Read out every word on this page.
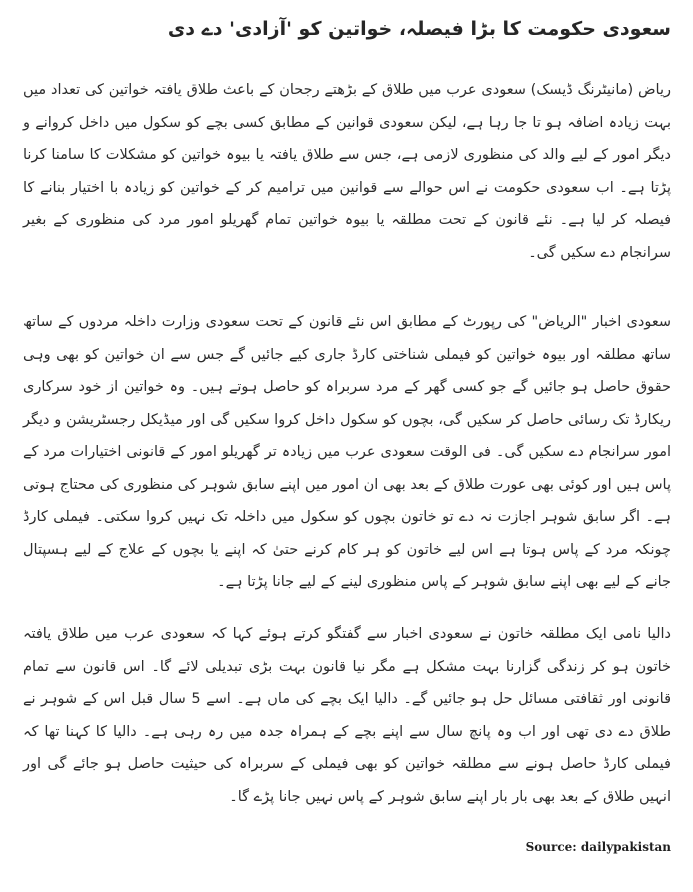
سعودی حکومت کا بڑا فیصلہ، خواتین کو 'آزادی' دے دی
ریاض (مانیٹرنگ ڈیسک) سعودی عرب میں طلاق کے بڑھتے رجحان کے باعث طلاق یافتہ خواتین کی تعداد میں بہت زیادہ اضافہ ہو تا جا رہا ہے، لیکن سعودی قوانین کے مطابق کسی بچے کو سکول میں داخل کروانے و دیگر امور کے لیے والد کی منظوری لازمی ہے، جس سے طلاق یافتہ یا بیوہ خواتین کو مشکلات کا سامنا کرنا پڑتا ہے۔ اب سعودی حکومت نے اس حوالے سے قوانین میں ترامیم کر کے خواتین کو زیادہ با اختیار بنانے کا فیصلہ کر لیا ہے۔ نئے قانون کے تحت مطلقہ یا بیوہ خواتین تمام گھریلو امور مرد کی منظوری کے بغیر سرانجام دے سکیں گی۔
سعودی اخبار "الریاض" کی رپورٹ کے مطابق اس نئے قانون کے تحت سعودی وزارت داخلہ مردوں کے ساتھ ساتھ مطلقہ اور بیوہ خواتین کو فیملی شناختی کارڈ جاری کیے جائیں گے جس سے ان خواتین کو بھی وہی حقوق حاصل ہو جائیں گے جو کسی گھر کے مرد سربراہ کو حاصل ہوتے ہیں۔ وہ خواتین از خود سرکاری ریکارڈ تک رسائی حاصل کر سکیں گی، بچوں کو سکول داخل کروا سکیں گی اور میڈیکل رجسٹریشن و دیگر امور سرانجام دے سکیں گی۔ فی الوقت سعودی عرب میں زیادہ تر گھریلو امور کے قانونی اختیارات مرد کے پاس ہیں اور کوئی بھی عورت طلاق کے بعد بھی ان امور میں اپنے سابق شوہر کی منظوری کی محتاج ہوتی ہے۔ اگر سابق شوہر اجازت نہ دے تو خاتون بچوں کو سکول میں داخلہ تک نہیں کروا سکتی۔ فیملی کارڈ چونکہ مرد کے پاس ہوتا ہے اس لیے خاتون کو ہر کام کرنے حتیٰ کہ اپنے یا بچوں کے علاج کے لیے ہسپتال جانے کے لیے بھی اپنے سابق شوہر کے پاس منظوری لینے کے لیے جانا پڑتا ہے۔
دالیا نامی ایک مطلقہ خاتون نے سعودی اخبار سے گفتگو کرتے ہوئے کہا کہ سعودی عرب میں طلاق یافتہ خاتون ہو کر زندگی گزارنا بہت مشکل ہے مگر نیا قانون بہت بڑی تبدیلی لائے گا۔ اس قانون سے تمام قانونی اور ثقافتی مسائل حل ہو جائیں گے۔ دالیا ایک بچے کی ماں ہے۔ اسے 5 سال قبل اس کے شوہر نے طلاق دے دی تھی اور اب وہ پانچ سال سے اپنے بچے کے ہمراہ جدہ میں رہ رہی ہے۔ دالیا کا کہنا تھا کہ فیملی کارڈ حاصل ہونے سے مطلقہ خواتین کو بھی فیملی کے سربراہ کی حیثیت حاصل ہو جائے گی اور انہیں طلاق کے بعد بھی بار بار اپنے سابق شوہر کے پاس نہیں جانا پڑے گا۔
Source: dailypakistan
